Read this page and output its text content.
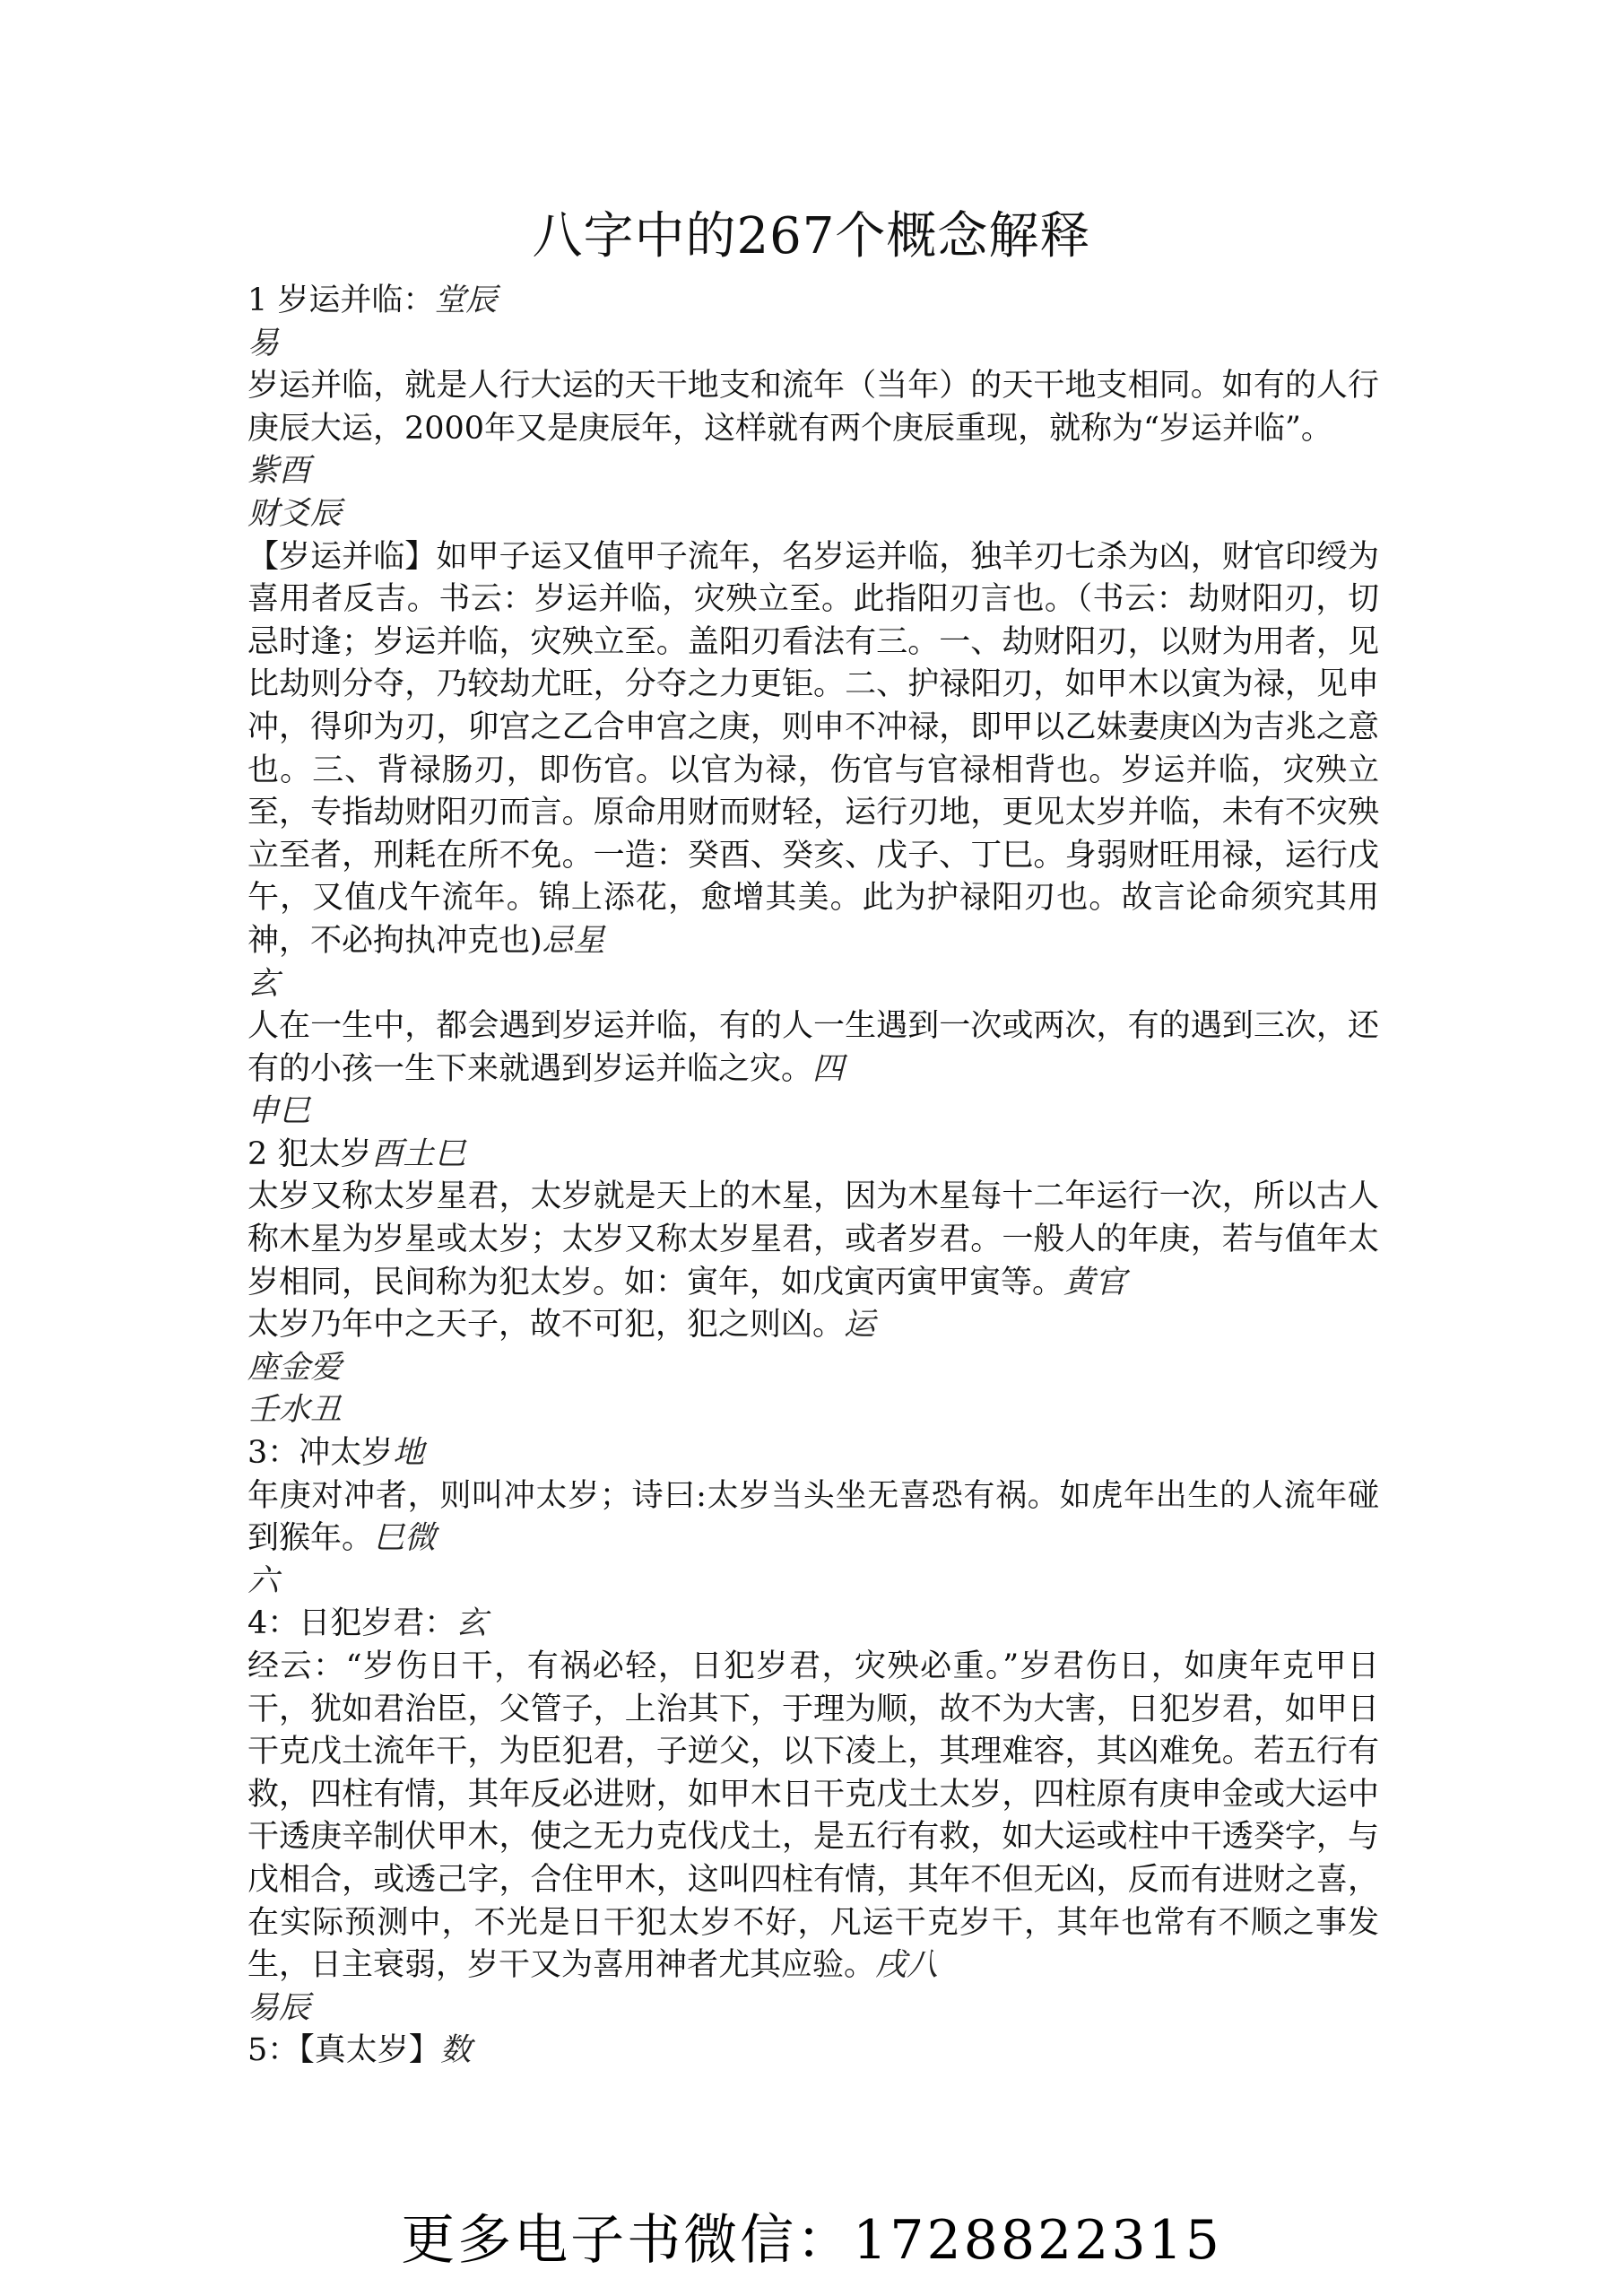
八字中的267个概念解释

1 岁运并临：堂辰

易

岁运并临，就是人行大运的天干地支和流年（当年）的天干地支相同。如有的人行庚辰大运，2000年又是庚辰年，这样就有两个庚辰重现，就称为“岁运并临”。

紫酉

财爻辰

【岁运并临】如甲子运又值甲子流年，名岁运并临，独羊刃七杀为凶，财官印绶为喜用者反吉。书云：岁运并临，灾殃立至。此指阳刃言也。（书云：劫财阳刃，切忌时逢；岁运并临，灾殃立至。盖阳刃看法有三。一、劫财阳刃，以财为用者，见比劫则分夺，乃较劫尤旺，分夺之力更钜。二、护禄阳刃，如甲木以寅为禄，见申冲，得卯为刃，卯宫之乙合申宫之庚，则申不冲禄，即甲以乙妹妻庚凶为吉兆之意也。三、背禄肠刃，即伤官。以官为禄，伤官与官禄相背也。岁运并临，灾殃立至，专指劫财阳刃而言。原命用财而财轻，运行刃地，更见太岁并临，未有不灾殃立至者，刑耗在所不免。一造：癸酉、癸亥、戊子、丁巳。身弱财旺用禄，运行戊午，又值戊午流年。锦上添花，愈增其美。此为护禄阳刃也。故言论命须究其用神，不必拘执冲克也)忌星

玄

人在一生中，都会遇到岁运并临，有的人一生遇到一次或两次，有的遇到三次，还有的小孩一生下来就遇到岁运并临之灾。四

申巳

2 犯太岁酉土巳

太岁又称太岁星君，太岁就是天上的木星，因为木星每十二年运行一次，所以古人称木星为岁星或太岁；太岁又称太岁星君，或者岁君。一般人的年庚，若与值年太岁相同，民间称为犯太岁。如：寅年，如戊寅丙寅甲寅等。黄官

太岁乃年中之天子，故不可犯，犯之则凶。运

座金爱

壬水丑

3：冲太岁地

年庚对冲者，则叫冲太岁；诗曰:太岁当头坐无喜恐有祸。如虎年出生的人流年碰到猴年。巳微

六

4：日犯岁君：玄

经云：“岁伤日干，有祸必轻，日犯岁君，灾殃必重。”岁君伤日，如庚年克甲日干，犹如君治臣，父管子，上治其下，于理为顺，故不为大害，日犯岁君，如甲日干克戊土流年干，为臣犯君，子逆父，以下凌上，其理难容，其凶难免。若五行有救，四柱有情，其年反必进财，如甲木日干克戊土太岁，四柱原有庚申金或大运中干透庚辛制伏甲木，使之无力克伐戊土，是五行有救，如大运或柱中干透癸字，与戊相合，或透己字，合住甲木，这叫四柱有情，其年不但无凶，反而有进财之喜，在实际预测中，不光是日干犯太岁不好，凡运干克岁干，其年也常有不顺之事发生，日主衰弱，岁干又为喜用神者尤其应验。戌八

易辰

5：【真太岁】数

更多电子书微信：1728822315
